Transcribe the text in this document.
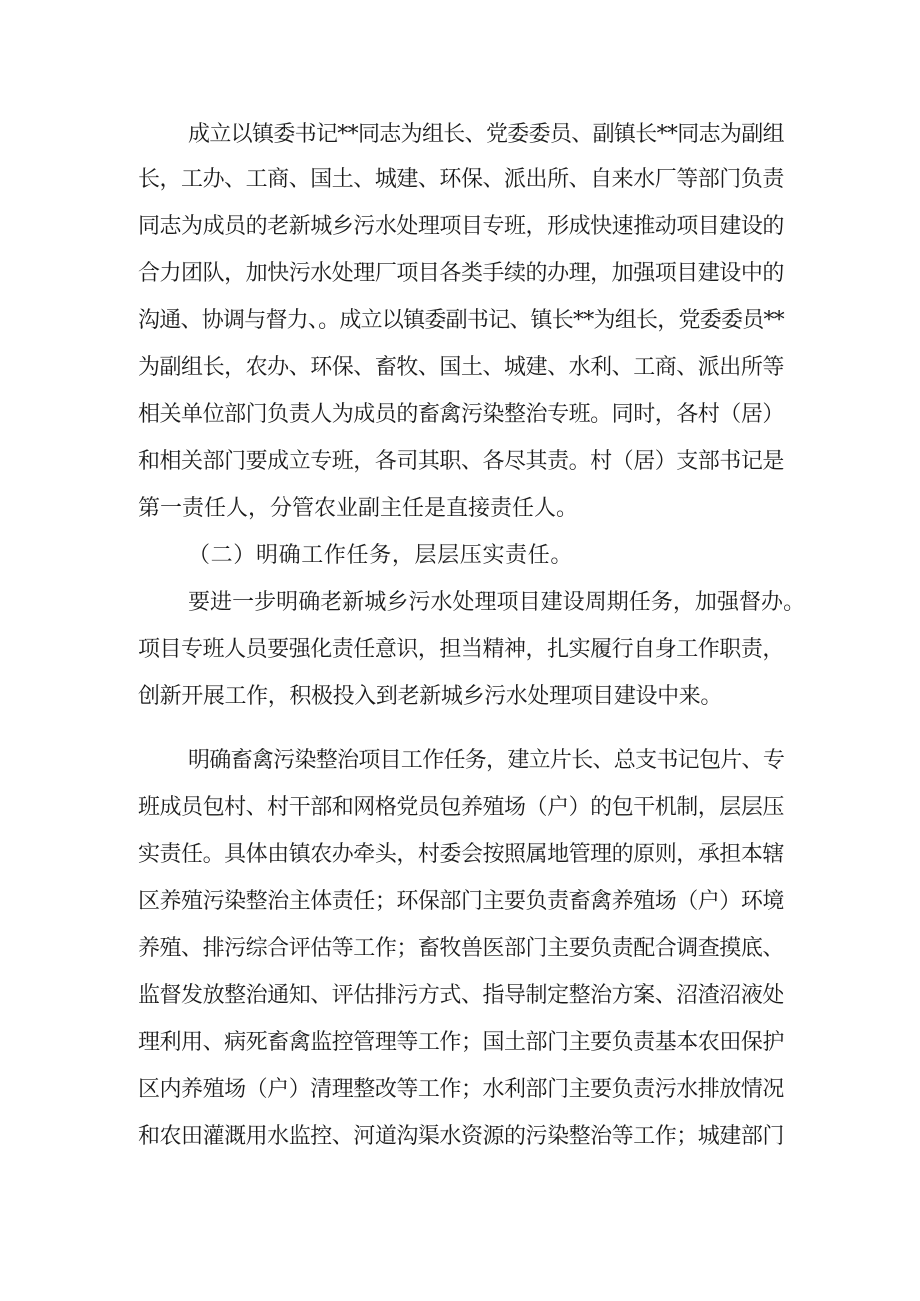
成立以镇委书记**同志为组长、党委委员、副镇长**同志为副组
长，工办、工商、国土、城建、环保、派出所、自来水厂等部门负责
同志为成员的老新城乡污水处理项目专班，形成快速推动项目建设的
合力团队，加快污水处理厂项目各类手续的办理，加强项目建设中的
沟通、协调与督力、。成立以镇委副书记、镇长**为组长，党委委员**
为副组长，农办、环保、畜牧、国土、城建、水利、工商、派出所等
相关单位部门负责人为成员的畜禽污染整治专班。同时，各村（居）
和相关部门要成立专班，各司其职、各尽其责。村（居）支部书记是
第一责任人，分管农业副主任是直接责任人。
（二）明确工作任务，层层压实责任。
要进一步明确老新城乡污水处理项目建设周期任务，加强督办。
项目专班人员要强化责任意识，担当精神，扎实履行自身工作职责，
创新开展工作，积极投入到老新城乡污水处理项目建设中来。
明确畜禽污染整治项目工作任务，建立片长、总支书记包片、专
班成员包村、村干部和网格党员包养殖场（户）的包干机制，层层压
实责任。具体由镇农办牵头，村委会按照属地管理的原则，承担本辖
区养殖污染整治主体责任；环保部门主要负责畜禽养殖场（户）环境
养殖、排污综合评估等工作；畜牧兽医部门主要负责配合调查摸底、
监督发放整治通知、评估排污方式、指导制定整治方案、沼渣沼液处
理利用、病死畜禽监控管理等工作；国土部门主要负责基本农田保护
区内养殖场（户）清理整改等工作；水利部门主要负责污水排放情况
和农田灌溉用水监控、河道沟渠水资源的污染整治等工作；城建部门
